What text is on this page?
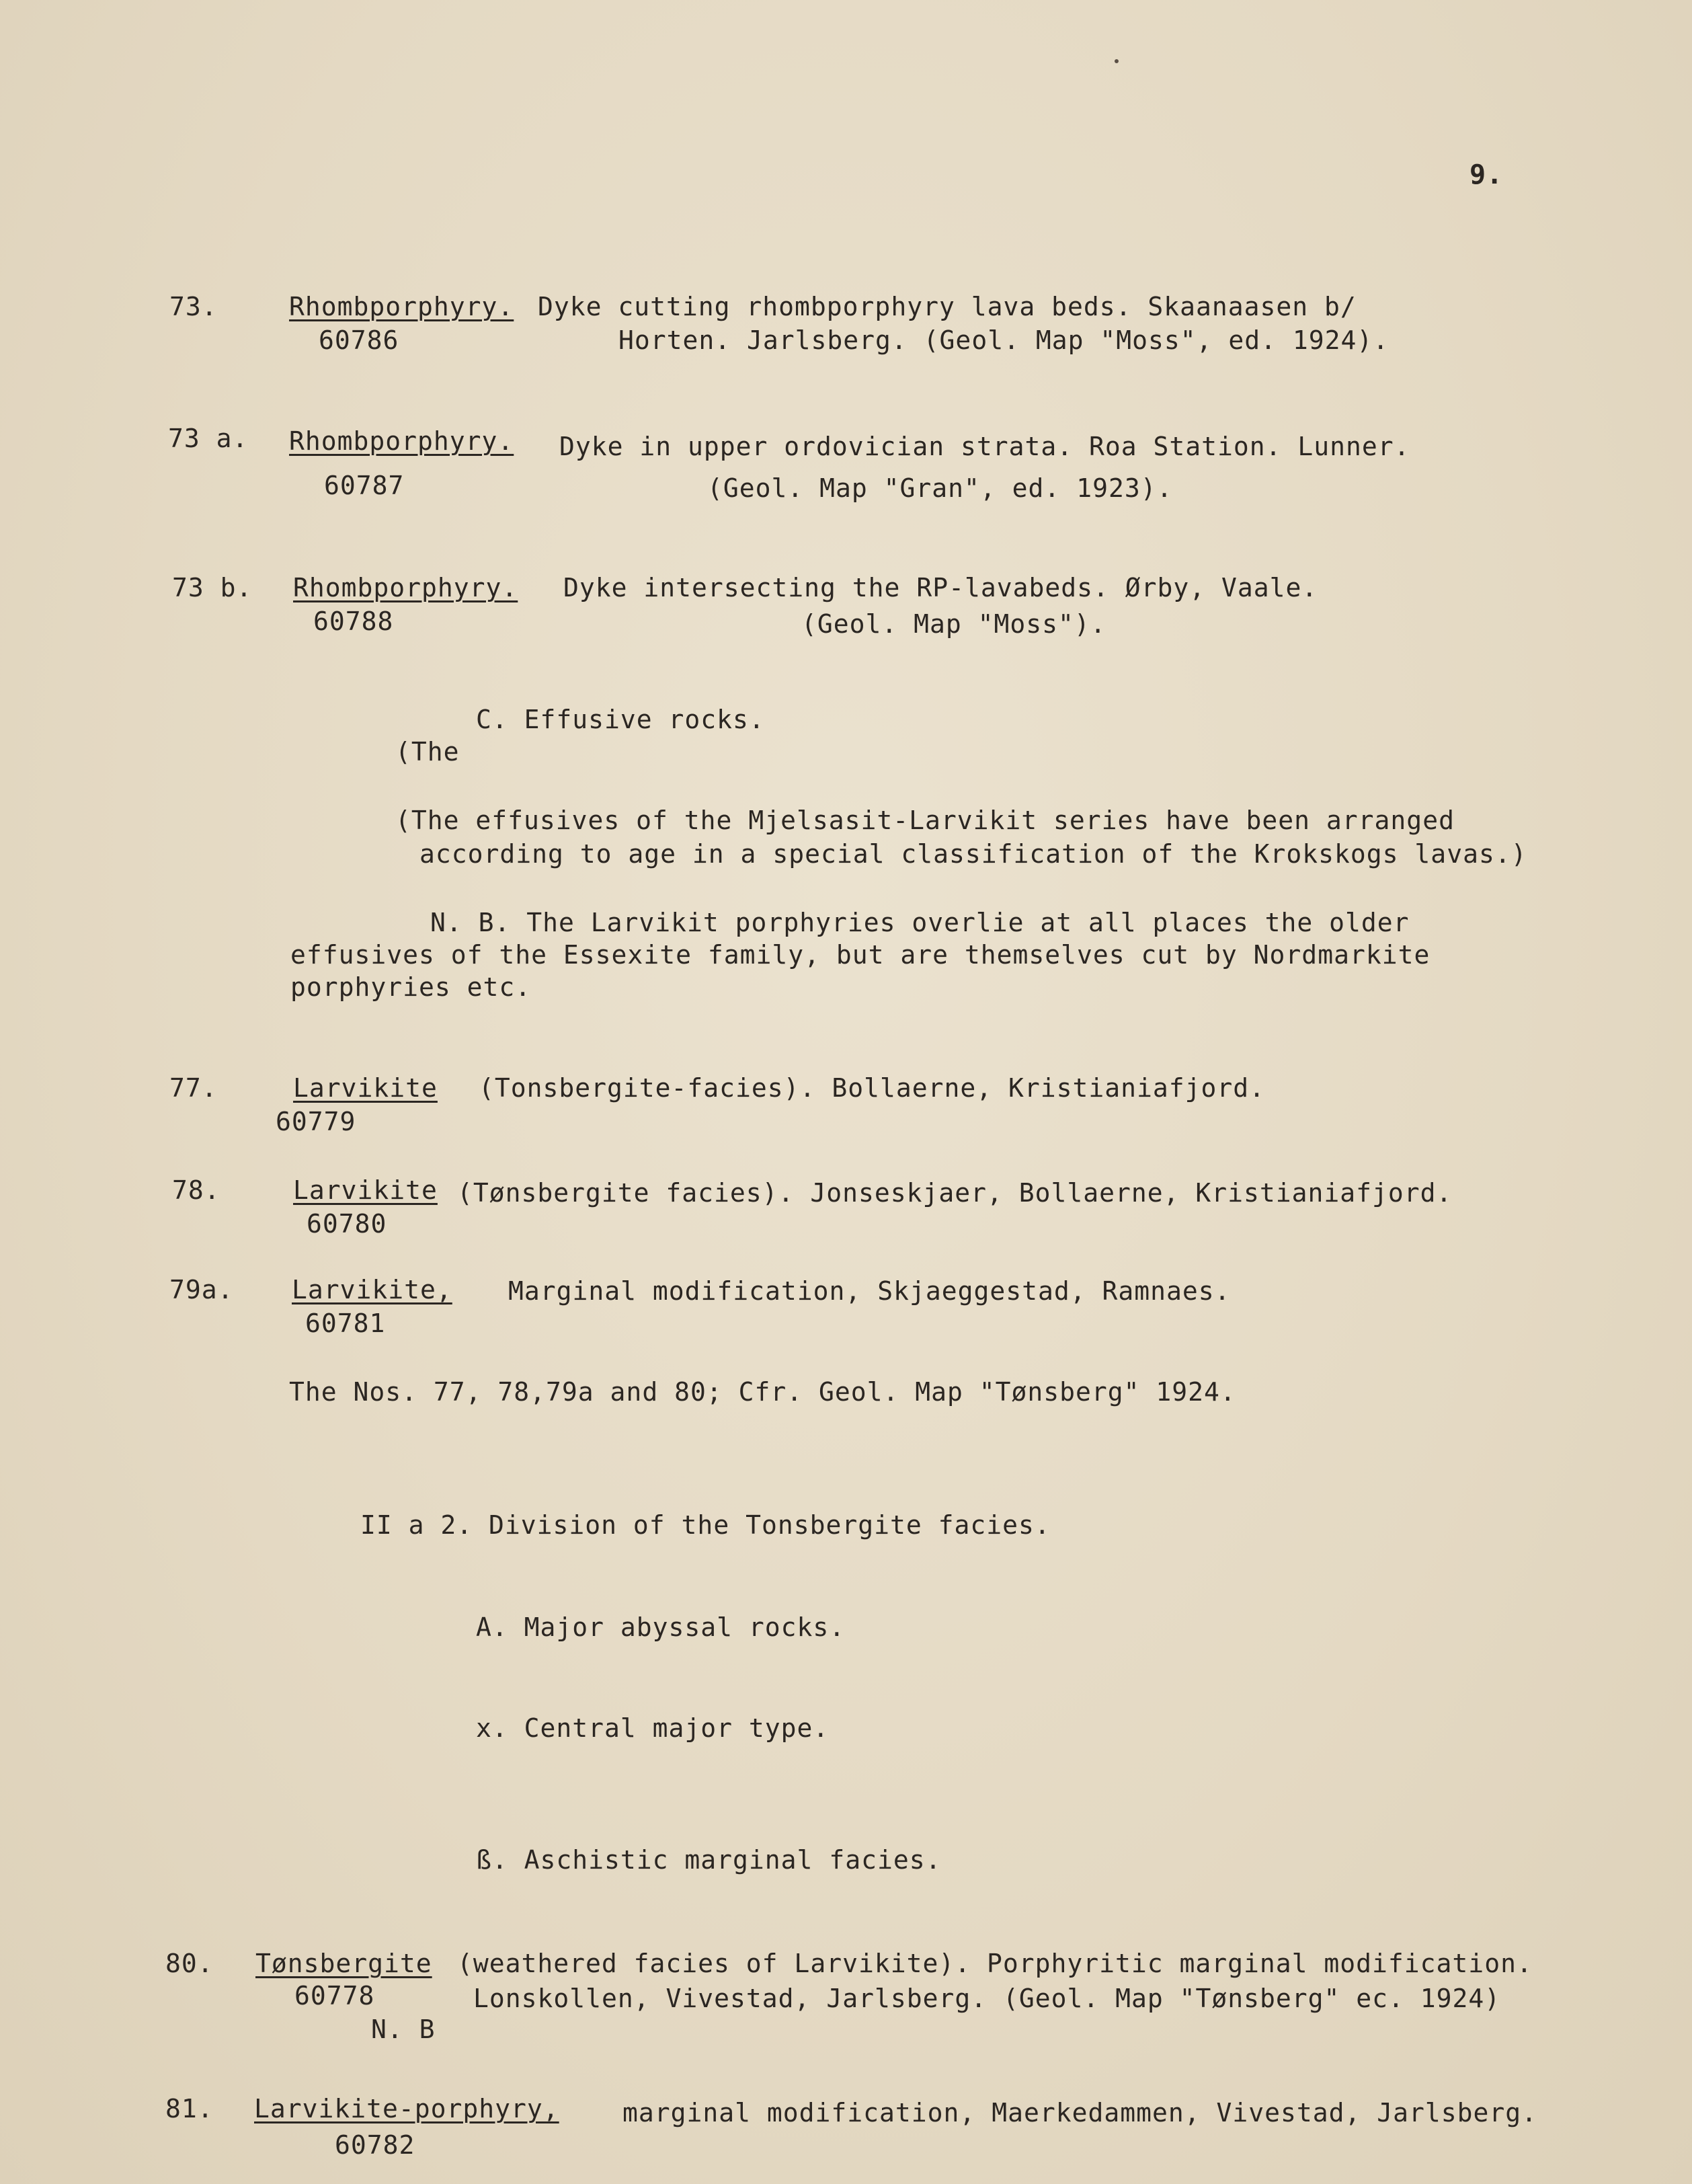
9.
73.	Rhombporphyry. Dyke cutting rhombporphyry lava beds. Skaanaasen b/
60786	Horten. Jarlsberg. (Geol. Map "Moss", ed. 1924).
73 a. Rhombporphyry. Dyke in upper ordovician strata. Roa Station. Lunner.
60787	(Geol. Map "Gran", ed. 1923).
73 b. Rhombporphyry. Dyke intersecting the RP-lavabeds. Ørby, Vaale.
60788	(Geol. Map "Moss").
C. Effusive rocks.
(The
(The effusives of the Mjelsasit-Larvikit series have been arranged
according to age in a special classification of the Krokskogs lavas.)
N. B. The Larvikit porphyries overlie at all places the older
effusives of the Essexite family, but are themselves cut by Nordmarkite
porphyries etc.
77.	Larvikite (Tonsbergite-facies). Bollaerne, Kristianiafjord.
60779
78.	Larvikite (Tønsbergite facies). Jonseskjaer, Bollaerne, Kristianiafjord.
60780
79a. Larvikite, Marginal modification, Skjaeggestad, Ramnaes.
60781
The Nos. 77, 78,79a and 80; Cfr. Geol. Map "Tønsberg" 1924.
II a 2. Division of the Tonsbergite facies.
A. Major abyssal rocks.
x. Central major type.
ß. Aschistic marginal facies.
80. Tønsbergite (weathered facies of Larvikite). Porphyritic marginal modification.
60778	Lonskollen, Vivestad, Jarlsberg. (Geol. Map "Tønsberg" ec. 1924)
N. B
81. Larvikite-porphyry, marginal modification, Maerkedammen, Vivestad, Jarlsberg.
60782
